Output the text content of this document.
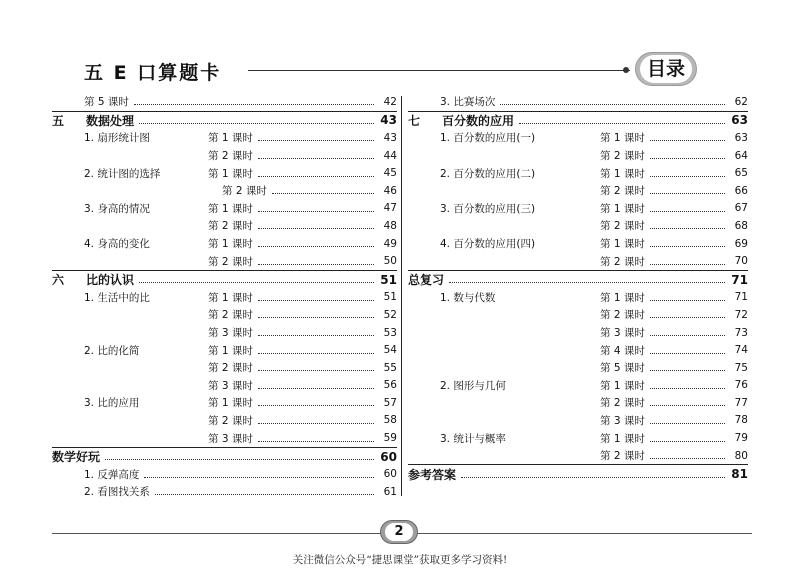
五 E 口算题卡	目录
第 5 课时	42
五	数据处理	43
1. 扇形统计图	第 1 课时	43
第 2 课时	44
2. 统计图的选择	第 1 课时	45
第 2 课时	46
3. 身高的情况	第 1 课时	47
第 2 课时	48
4. 身高的变化	第 1 课时	49
第 2 课时	50
六	比的认识	51
1. 生活中的比	第 1 课时	51
第 2 课时	52
第 3 课时	53
2. 比的化简	第 1 课时	54
第 2 课时	55
第 3 课时	56
3. 比的应用	第 1 课时	57
第 2 课时	58
第 3 课时	59
数学好玩	60
1. 反弹高度	60
2. 看图找关系	61
3. 比赛场次	62
七	百分数的应用	63
1. 百分数的应用(一)	第 1 课时	63
第 2 课时	64
2. 百分数的应用(二)	第 1 课时	65
第 2 课时	66
3. 百分数的应用(三)	第 1 课时	67
第 2 课时	68
4. 百分数的应用(四)	第 1 课时	69
第 2 课时	70
总复习	71
1. 数与代数	第 1 课时	71
第 2 课时	72
第 3 课时	73
第 4 课时	74
第 5 课时	75
2. 图形与几何	第 1 课时	76
第 2 课时	77
第 3 课时	78
3. 统计与概率	第 1 课时	79
第 2 课时	80
参考答案	81
2
关注微信公众号“捷思课堂”获取更多学习资料!
